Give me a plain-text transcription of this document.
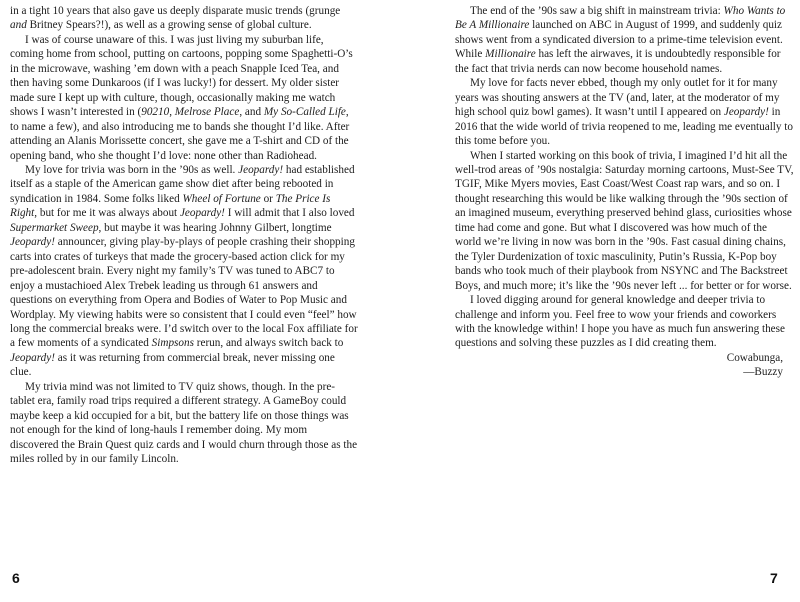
in a tight 10 years that also gave us deeply disparate music trends (grunge and Britney Spears?!), as well as a growing sense of global culture.

I was of course unaware of this. I was just living my suburban life, coming home from school, putting on cartoons, popping some Spaghetti-O’s in the microwave, washing ’em down with a peach Snapple Iced Tea, and then having some Dunkaroos (if I was lucky!) for dessert. My older sister made sure I kept up with culture, though, occasionally making me watch shows I wasn’t interested in (90210, Melrose Place, and My So-Called Life, to name a few), and also introducing me to bands she thought I’d like. After attending an Alanis Morissette concert, she gave me a T-shirt and CD of the opening band, who she thought I’d love: none other than Radiohead.

My love for trivia was born in the ’90s as well. Jeopardy! had established itself as a staple of the American game show diet after being rebooted in syndication in 1984. Some folks liked Wheel of Fortune or The Price Is Right, but for me it was always about Jeopardy! I will admit that I also loved Supermarket Sweep, but maybe it was hearing Johnny Gilbert, longtime Jeopardy! announcer, giving play-by-plays of people crashing their shopping carts into crates of turkeys that made the grocery-based action click for my pre-adolescent brain. Every night my family’s TV was tuned to ABC7 to enjoy a mustachioed Alex Trebek leading us through 61 answers and questions on everything from Opera and Bodies of Water to Pop Music and Wordplay. My viewing habits were so consistent that I could even “feel” how long the commercial breaks were. I’d switch over to the local Fox affiliate for a few moments of a syndicated Simpsons rerun, and always switch back to Jeopardy! as it was returning from commercial break, never missing one clue.

My trivia mind was not limited to TV quiz shows, though. In the pre-tablet era, family road trips required a different strategy. A GameBoy could maybe keep a kid occupied for a bit, but the battery life on those things was not enough for the kind of long-hauls I remember doing. My mom discovered the Brain Quest quiz cards and I would churn through those as the miles rolled by in our family Lincoln.

The end of the ’90s saw a big shift in mainstream trivia: Who Wants to Be A Millionaire launched on ABC in August of 1999, and suddenly quiz shows went from a syndicated diversion to a prime-time television event. While Millionaire has left the airwaves, it is undoubtedly responsible for the fact that trivia nerds can now become household names.

My love for facts never ebbed, though my only outlet for it for many years was shouting answers at the TV (and, later, at the moderator of my high school quiz bowl games). It wasn’t until I appeared on Jeopardy! in 2016 that the wide world of trivia reopened to me, leading me eventually to this tome before you.

When I started working on this book of trivia, I imagined I’d hit all the well-trod areas of ’90s nostalgia: Saturday morning cartoons, Must-See TV, TGIF, Mike Myers movies, East Coast/West Coast rap wars, and so on. I thought researching this would be like walking through the ’90s section of an imagined museum, everything preserved behind glass, curiosities whose time had come and gone. But what I discovered was how much of the world we’re living in now was born in the ’90s. Fast casual dining chains, the Tyler Durdenization of toxic masculinity, Putin’s Russia, K-Pop boy bands who took much of their playbook from NSYNC and The Backstreet Boys, and much more; it’s like the ’90s never left ... for better or for worse.

I loved digging around for general knowledge and deeper trivia to challenge and inform you. Feel free to wow your friends and coworkers with the knowledge within! I hope you have as much fun answering these questions and solving these puzzles as I did creating them.

Cowabunga,
—Buzzy
6	7
